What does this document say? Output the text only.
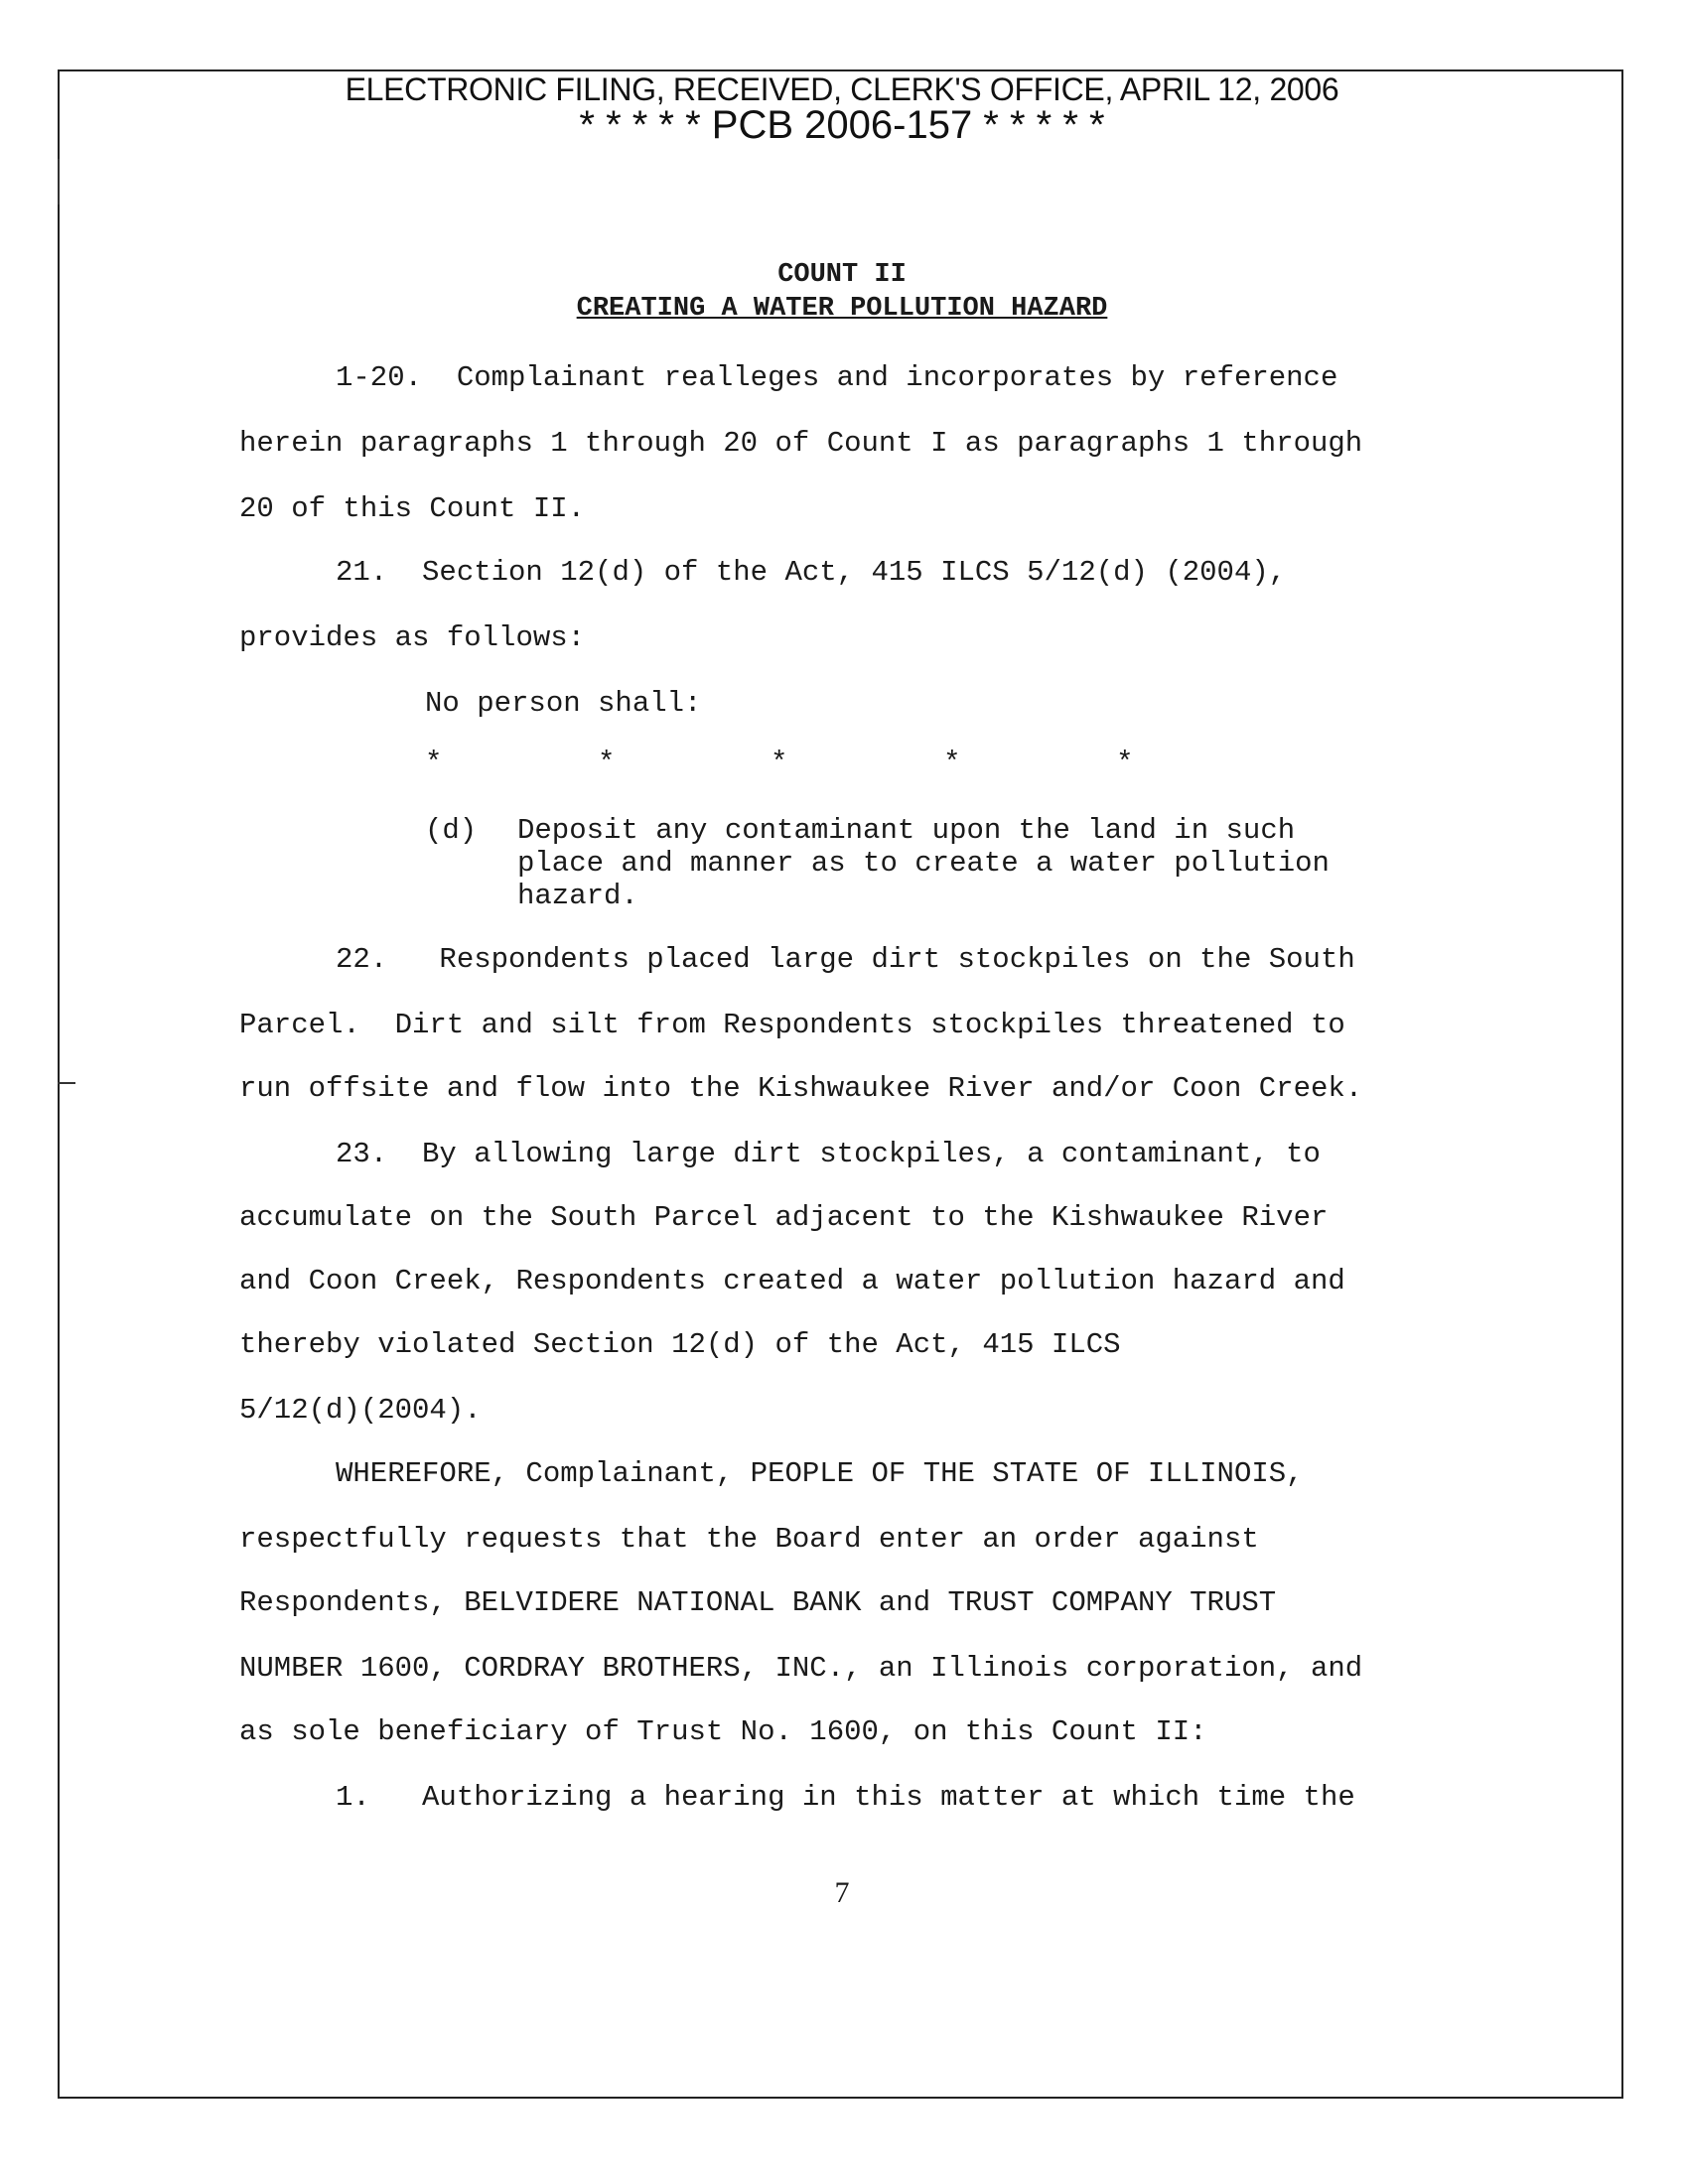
ELECTRONIC FILING, RECEIVED, CLERK'S OFFICE, APRIL 12, 2006
* * * * * PCB 2006-157 * * * * *
COUNT II
CREATING A WATER POLLUTION HAZARD
1-20.  Complainant realleges and incorporates by reference
herein paragraphs 1 through 20 of Count I as paragraphs 1 through
20 of this Count II.
21.  Section 12(d) of the Act, 415 ILCS 5/12(d) (2004),
provides as follows:
No person shall:
*         *         *         *         *
(d) Deposit any contaminant upon the land in such
place and manner as to create a water pollution
hazard.
22.   Respondents placed large dirt stockpiles on the South
Parcel.  Dirt and silt from Respondents stockpiles threatened to
run offsite and flow into the Kishwaukee River and/or Coon Creek.
23.  By allowing large dirt stockpiles, a contaminant, to
accumulate on the South Parcel adjacent to the Kishwaukee River
and Coon Creek, Respondents created a water pollution hazard and
thereby violated Section 12(d) of the Act, 415 ILCS
5/12(d)(2004).
WHEREFORE, Complainant, PEOPLE OF THE STATE OF ILLINOIS,
respectfully requests that the Board enter an order against
Respondents, BELVIDERE NATIONAL BANK and TRUST COMPANY TRUST
NUMBER 1600, CORDRAY BROTHERS, INC., an Illinois corporation, and
as sole beneficiary of Trust No. 1600, on this Count II:
1.   Authorizing a hearing in this matter at which time the
7
